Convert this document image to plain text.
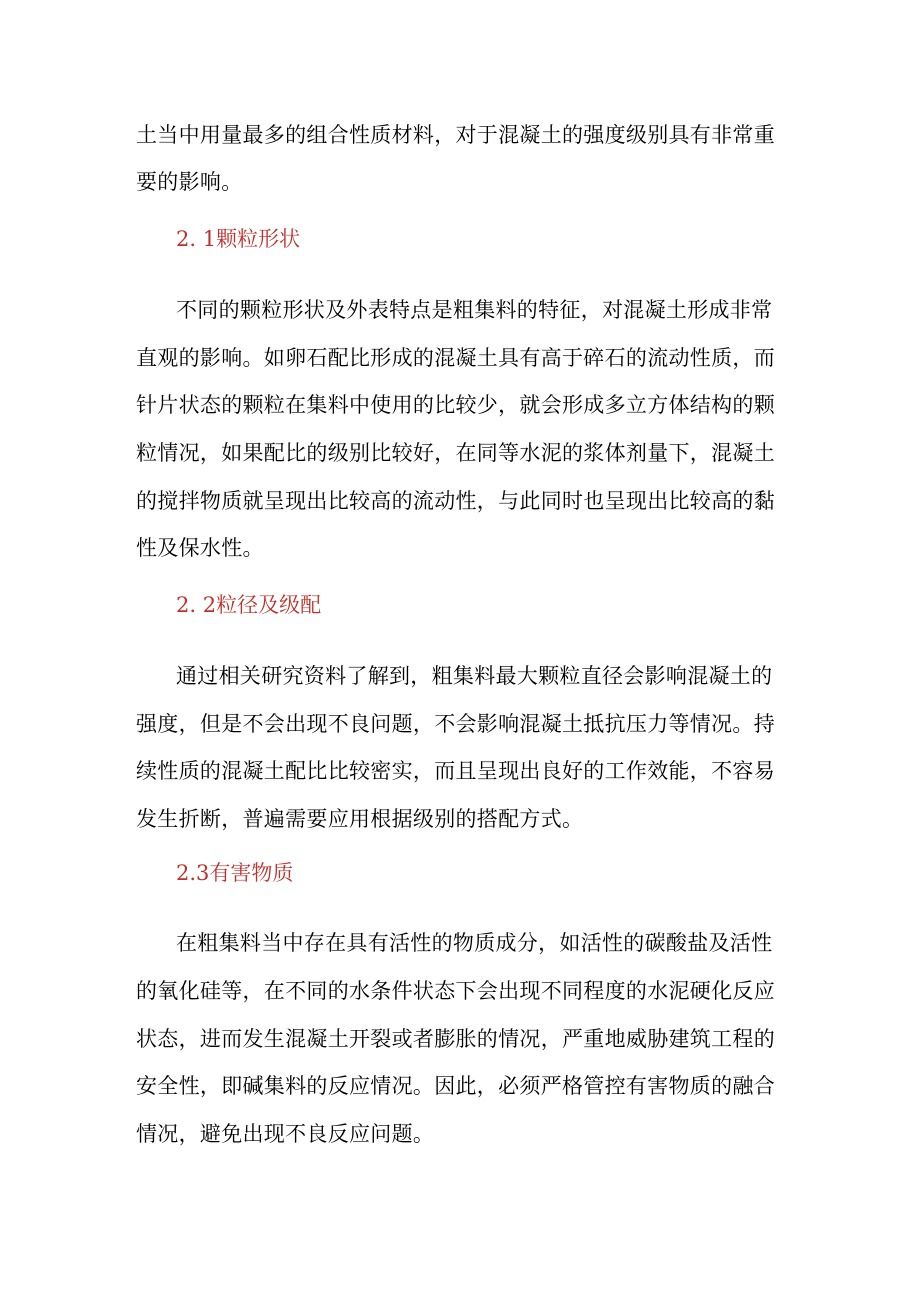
土当中用量最多的组合性质材料，对于混凝土的强度级别具有非常重
要的影响。
2. 1颗粒形状
不同的颗粒形状及外表特点是粗集料的特征，对混凝土形成非常
直观的影响。如卵石配比形成的混凝土具有高于碎石的流动性质，而
针片状态的颗粒在集料中使用的比较少，就会形成多立方体结构的颗
粒情况，如果配比的级别比较好，在同等水泥的浆体剂量下，混凝土
的搅拌物质就呈现出比较高的流动性，与此同时也呈现出比较高的黏
性及保水性。
2. 2粒径及级配
通过相关研究资料了解到，粗集料最大颗粒直径会影响混凝土的
强度，但是不会出现不良问题，不会影响混凝土抵抗压力等情况。持
续性质的混凝土配比比较密实，而且呈现出良好的工作效能，不容易
发生折断，普遍需要应用根据级别的搭配方式。
2.3有害物质
在粗集料当中存在具有活性的物质成分，如活性的碳酸盐及活性
的氧化硅等，在不同的水条件状态下会出现不同程度的水泥硬化反应
状态，进而发生混凝土开裂或者膨胀的情况，严重地威胁建筑工程的
安全性，即碱集料的反应情况。因此，必须严格管控有害物质的融合
情况，避免出现不良反应问题。
